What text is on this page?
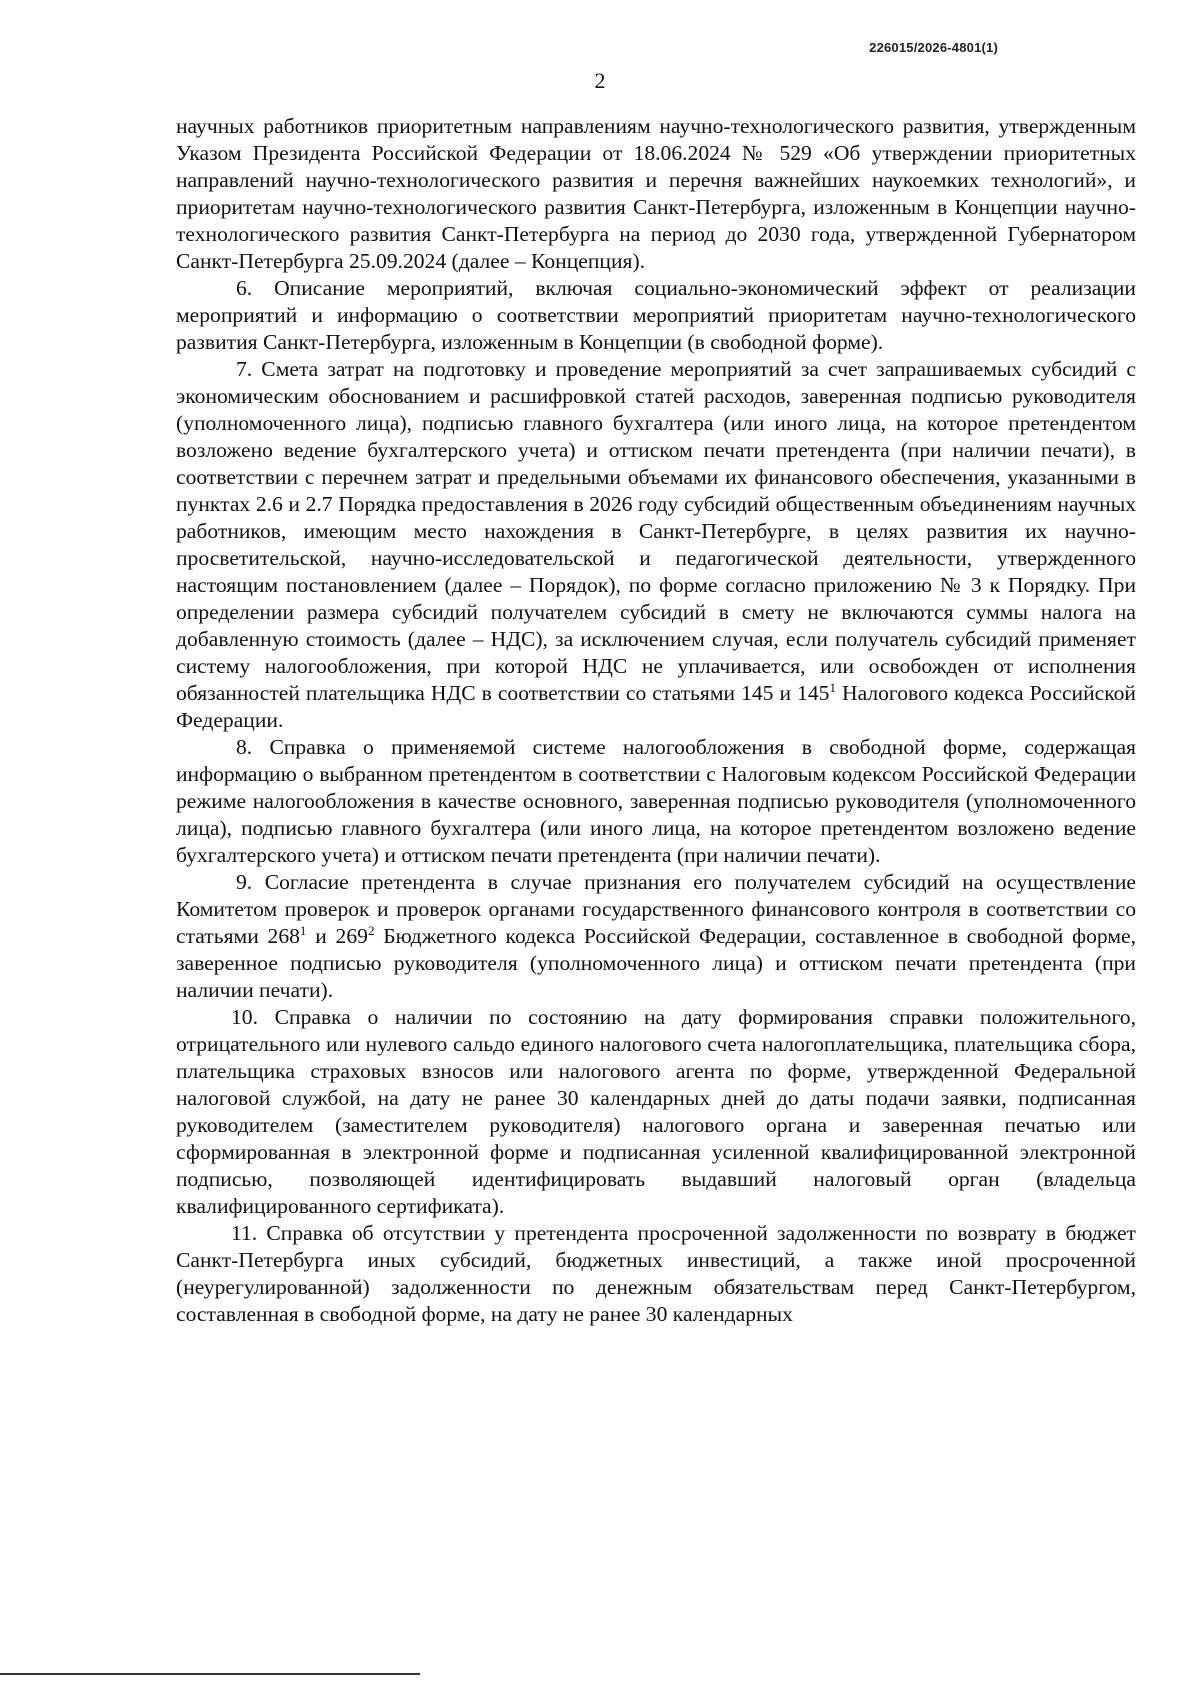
226015/2026-4801(1)
2

научных работников приоритетным направлениям научно-технологического развития, утвержденным Указом Президента Российской Федерации от 18.06.2024 № 529 «Об утверждении приоритетных направлений научно-технологического развития и перечня важнейших наукоемких технологий», и приоритетам научно-технологического развития Санкт-Петербурга, изложенным в Концепции научно-технологического развития Санкт-Петербурга на период до 2030 года, утвержденной Губернатором Санкт-Петербурга 25.09.2024 (далее – Концепция).

6. Описание мероприятий, включая социально-экономический эффект от реализации мероприятий и информацию о соответствии мероприятий приоритетам научно-технологического развития Санкт-Петербурга, изложенным в Концепции (в свободной форме).

7. Смета затрат на подготовку и проведение мероприятий за счет запрашиваемых субсидий с экономическим обоснованием и расшифровкой статей расходов, заверенная подписью руководителя (уполномоченного лица), подписью главного бухгалтера (или иного лица, на которое претендентом возложено ведение бухгалтерского учета) и оттиском печати претендента (при наличии печати), в соответствии с перечнем затрат и предельными объемами их финансового обеспечения, указанными в пунктах 2.6 и 2.7 Порядка предоставления в 2026 году субсидий общественным объединениям научных работников, имеющим место нахождения в Санкт-Петербурге, в целях развития их научно-просветительской, научно-исследовательской и педагогической деятельности, утвержденного настоящим постановлением (далее – Порядок), по форме согласно приложению № 3 к Порядку. При определении размера субсидий получателем субсидий в смету не включаются суммы налога на добавленную стоимость (далее – НДС), за исключением случая, если получатель субсидий применяет систему налогообложения, при которой НДС не уплачивается, или освобожден от исполнения обязанностей плательщика НДС в соответствии со статьями 145 и $145^1$ Налогового кодекса Российской Федерации.

8. Справка о применяемой системе налогообложения в свободной форме, содержащая информацию о выбранном претендентом в соответствии с Налоговым кодексом Российской Федерации режиме налогообложения в качестве основного, заверенная подписью руководителя (уполномоченного лица), подписью главного бухгалтера (или иного лица, на которое претендентом возложено ведение бухгалтерского учета) и оттиском печати претендента (при наличии печати).

9. Согласие претендента в случае признания его получателем субсидий на осуществление Комитетом проверок и проверок органами государственного финансового контроля в соответствии со статьями $268^1$ и $269^2$ Бюджетного кодекса Российской Федерации, составленное в свободной форме, заверенное подписью руководителя (уполномоченного лица) и оттиском печати претендента (при наличии печати).

10. Справка о наличии по состоянию на дату формирования справки положительного, отрицательного или нулевого сальдо единого налогового счета налогоплательщика, плательщика сбора, плательщика страховых взносов или налогового агента по форме, утвержденной Федеральной налоговой службой, на дату не ранее 30 календарных дней до даты подачи заявки, подписанная руководителем (заместителем руководителя) налогового органа и заверенная печатью или сформированная в электронной форме и подписанная усиленной квалифицированной электронной подписью, позволяющей идентифицировать выдавший налоговый орган (владельца квалифицированного сертификата).

11. Справка об отсутствии у претендента просроченной задолженности по возврату в бюджет Санкт-Петербурга иных субсидий, бюджетных инвестиций, а также иной просроченной (неурегулированной) задолженности по денежным обязательствам перед Санкт-Петербургом, составленная в свободной форме, на дату не ранее 30 календарных
